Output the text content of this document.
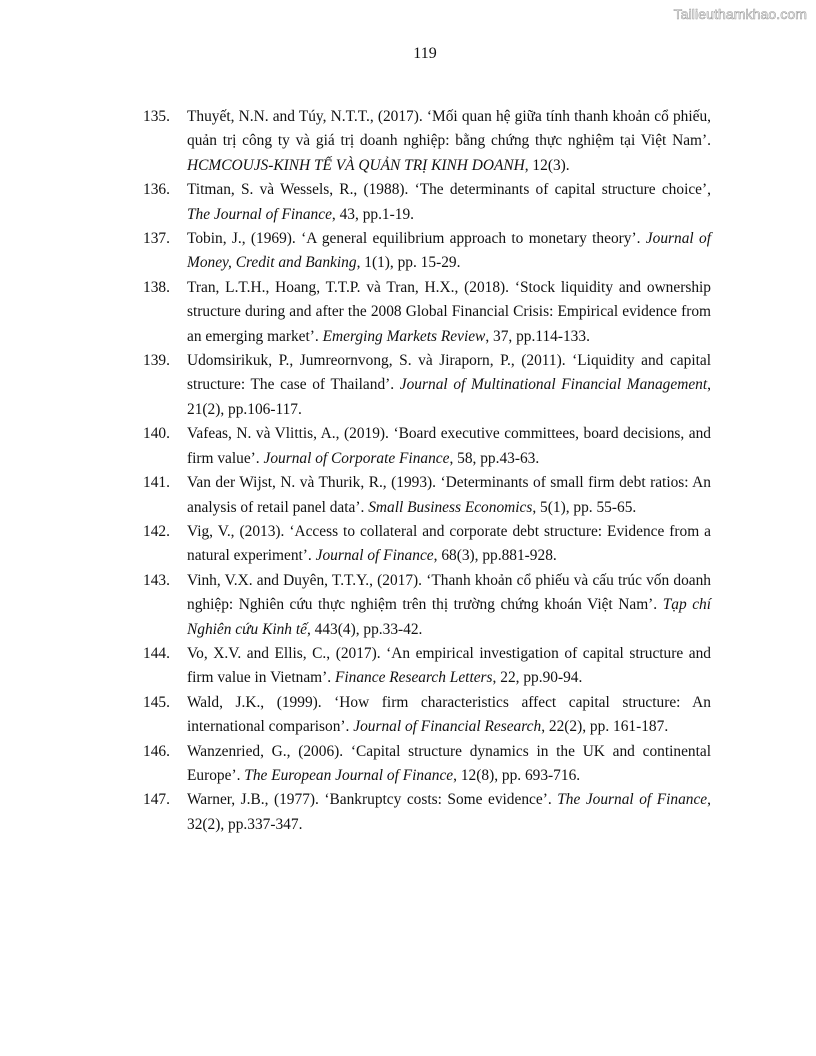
Tailieuthamkhao.com
119
135. Thuyết, N.N. and Túy, N.T.T., (2017). ‘Mối quan hệ giữa tính thanh khoản cổ phiếu, quản trị công ty và giá trị doanh nghiệp: bằng chứng thực nghiệm tại Việt Nam’. HCMCOUJS-KINH TẾ VÀ QUẢN TRỊ KINH DOANH, 12(3).
136. Titman, S. và Wessels, R., (1988). ‘The determinants of capital structure choice’, The Journal of Finance, 43, pp.1-19.
137. Tobin, J., (1969). ‘A general equilibrium approach to monetary theory’. Journal of Money, Credit and Banking, 1(1), pp. 15-29.
138. Tran, L.T.H., Hoang, T.T.P. và Tran, H.X., (2018). ‘Stock liquidity and ownership structure during and after the 2008 Global Financial Crisis: Empirical evidence from an emerging market’. Emerging Markets Review, 37, pp.114-133.
139. Udomsirikuk, P., Jumreornvong, S. và Jiraporn, P., (2011). ‘Liquidity and capital structure: The case of Thailand’. Journal of Multinational Financial Management, 21(2), pp.106-117.
140. Vafeas, N. và Vlittis, A., (2019). ‘Board executive committees, board decisions, and firm value’. Journal of Corporate Finance, 58, pp.43-63.
141. Van der Wijst, N. và Thurik, R., (1993). ‘Determinants of small firm debt ratios: An analysis of retail panel data’. Small Business Economics, 5(1), pp. 55-65.
142. Vig, V., (2013). ‘Access to collateral and corporate debt structure: Evidence from a natural experiment’. Journal of Finance, 68(3), pp.881-928.
143. Vinh, V.X. and Duyên, T.T.Y., (2017). ‘Thanh khoản cổ phiếu và cấu trúc vốn doanh nghiệp: Nghiên cứu thực nghiệm trên thị trường chứng khoán Việt Nam’. Tạp chí Nghiên cứu Kinh tế, 443(4), pp.33-42.
144. Vo, X.V. and Ellis, C., (2017). ‘An empirical investigation of capital structure and firm value in Vietnam’. Finance Research Letters, 22, pp.90-94.
145. Wald, J.K., (1999). ‘How firm characteristics affect capital structure: An international comparison’. Journal of Financial Research, 22(2), pp. 161-187.
146. Wanzenried, G., (2006). ‘Capital structure dynamics in the UK and continental Europe’. The European Journal of Finance, 12(8), pp. 693-716.
147. Warner, J.B., (1977). ‘Bankruptcy costs: Some evidence’. The Journal of Finance, 32(2), pp.337-347.
